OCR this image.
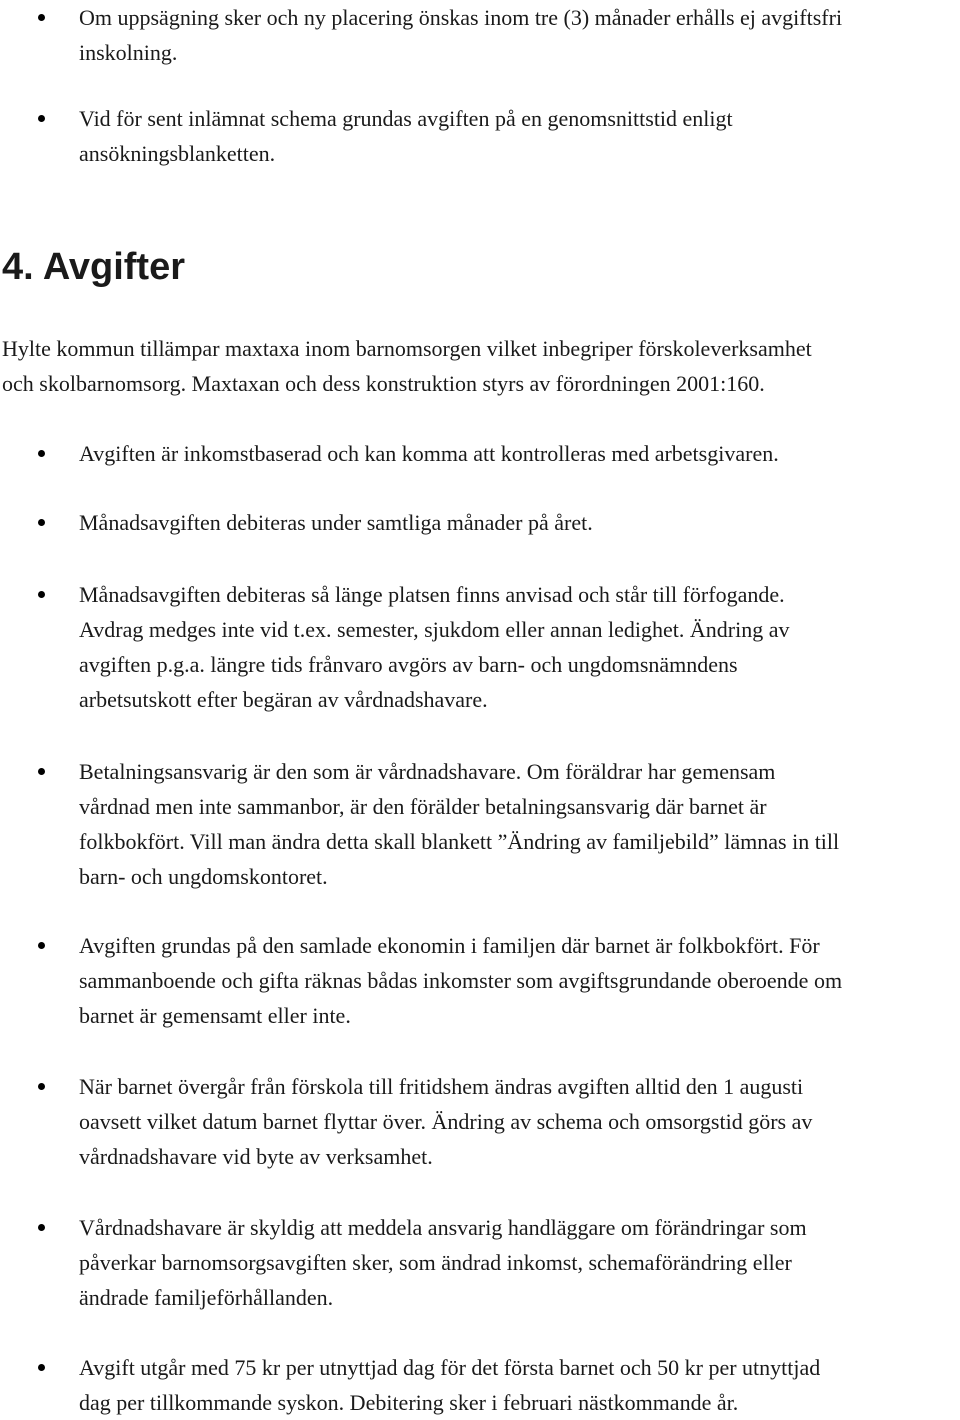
Om uppsägning sker och ny placering önskas inom tre (3) månader erhålls ej avgiftsfri
inskolning.
Vid för sent inlämnat schema grundas avgiften på en genomsnittstid enligt
ansökningsblanketten.
4. Avgifter
Hylte kommun tillämpar maxtaxa inom barnomsorgen vilket inbegriper förskoleverksamhet
och skolbarnomsorg. Maxtaxan och dess konstruktion styrs av förordningen 2001:160.
Avgiften är inkomstbaserad och kan komma att kontrolleras med arbetsgivaren.
Månadsavgiften debiteras under samtliga månader på året.
Månadsavgiften debiteras så länge platsen finns anvisad och står till förfogande.
Avdrag medges inte vid t.ex. semester, sjukdom eller annan ledighet. Ändring av
avgiften p.g.a. längre tids frånvaro avgörs av barn- och ungdomsnämndens
arbetsutskott efter begäran av vårdnadshavare.
Betalningsansvarig är den som är vårdnadshavare. Om föräldrar har gemensam
vårdnad men inte sammanbor, är den förälder betalningsansvarig där barnet är
folkbokfört. Vill man ändra detta skall blankett ”Ändring av familjebild” lämnas in till
barn- och ungdomskontoret.
Avgiften grundas på den samlade ekonomin i familjen där barnet är folkbokfört. För
sammanboende och gifta räknas bådas inkomster som avgiftsgrundande oberoende om
barnet är gemensamt eller inte.
När barnet övergår från förskola till fritidshem ändras avgiften alltid den 1 augusti
oavsett vilket datum barnet flyttar över. Ändring av schema och omsorgstid görs av
vårdnadshavare vid byte av verksamhet.
Vårdnadshavare är skyldig att meddela ansvarig handläggare om förändringar som
påverkar barnomsorgsavgiften sker, som ändrad inkomst, schemaförändring eller
ändrade familjeförhållanden.
Avgift utgår med 75 kr per utnyttjad dag för det första barnet och 50 kr per utnyttjad
dag per tillkommande syskon. Debitering sker i februari nästkommande år.
